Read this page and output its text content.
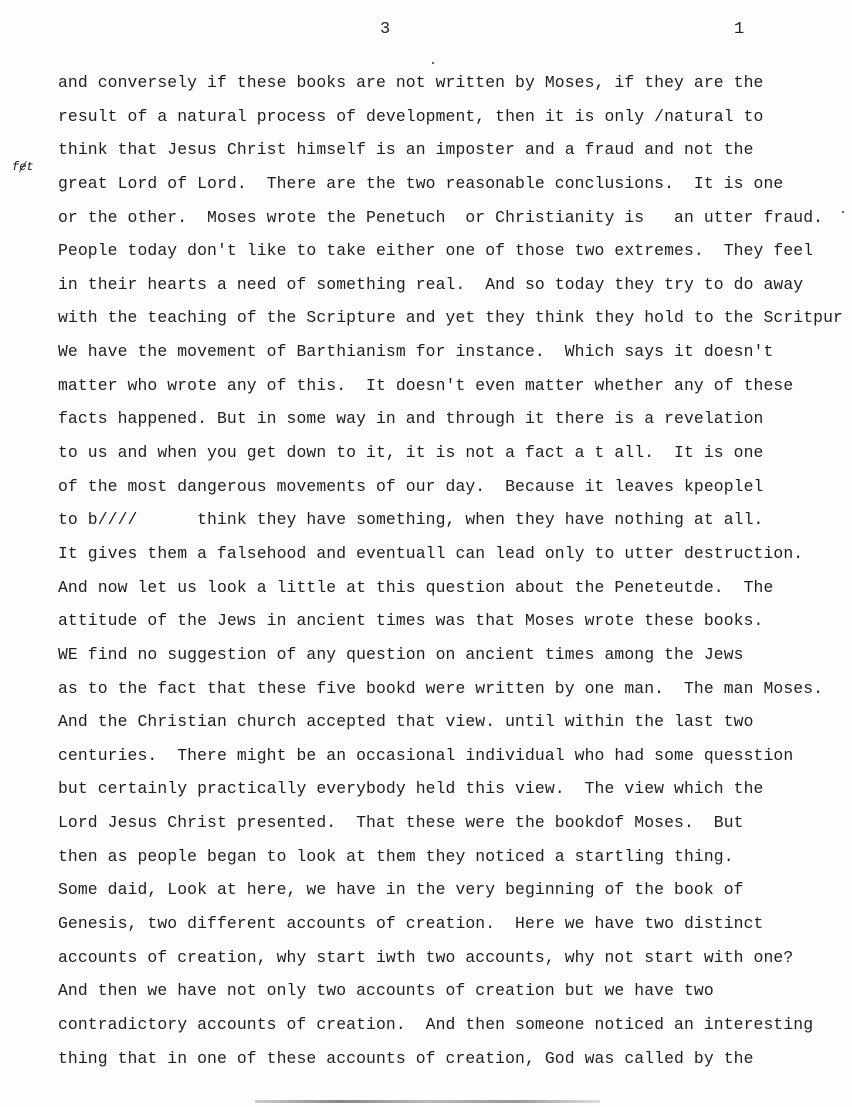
3	1
fɇt
and conversely if these books are not written by Moses, if they are the
result of a natural process of development, then it is only /natural to
think that Jesus Christ himself is an imposter and a fraud and not the
great Lord of Lord.  There are the two reasonable conclusions.  It is one
or the other.  Moses wrote the Penetuch  or Christianity is   an utter fraud.
People today don't like to take either one of those two extremes.  They feel
in their hearts a need of something real.  And so today they try to do away
with the teaching of the Scripture and yet they think they hold to the Scritpur
We have the movement of Barthianism for instance.  Which says it doesn't
matter who wrote any of this.  It doesn't even matter whether any of these
facts happened. But in some way in and through it there is a revelation
to us and when you get down to it, it is not a fact a t all.  It is one
of the most dangerous movements of our day.  Because it leaves kpeoplel
to b////      think they have something, when they have nothing at all.
It gives them a falsehood and eventuall can lead only to utter destruction.
And now let us look a little at this question about the Peneteutde.  The
attitude of the Jews in ancient times was that Moses wrote these books.
WE find no suggestion of any question on ancient times among the Jews
as to the fact that these five bookd were written by one man.  The man Moses.
And the Christian church accepted that view. until within the last two
centuries.  There might be an occasional individual who had some quesstion
but certainly practically everybody held this view.  The view which the
Lord Jesus Christ presented.  That these were the bookdof Moses.  But
then as people began to look at them they noticed a startling thing.
Some daid, Look at here, we have in the very beginning of the book of
Genesis, two different accounts of creation.  Here we have two distinct
accounts of creation, why start iwth two accounts, why not start with one?
And then we have not only two accounts of creation but we have two
contradictory accounts of creation.  And then someone noticed an interesting
thing that in one of these accounts of creation, God was called by the
